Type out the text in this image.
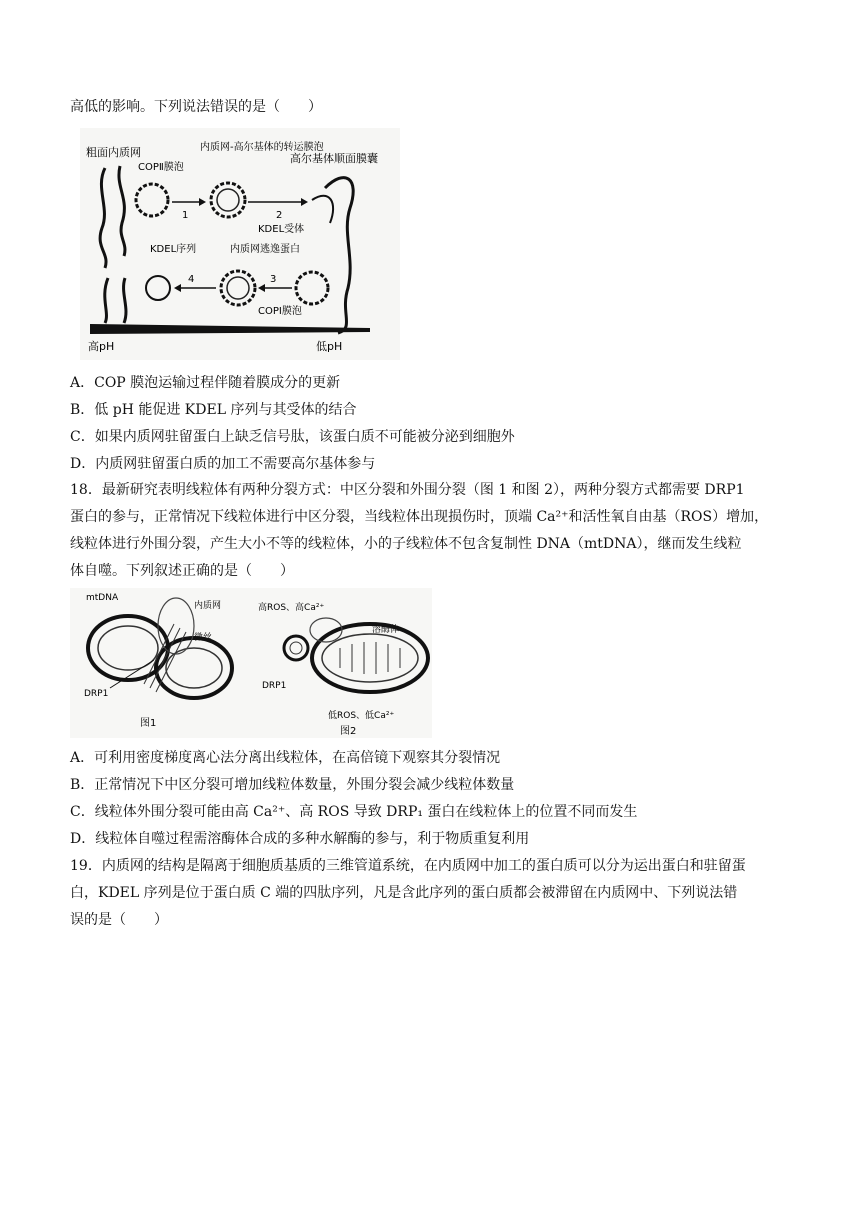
高低的影响。下列说法错误的是（　　）
粗面内质网	内质网-高尔基体的转运膜泡
高尔基体顺面膜囊
COPⅡ膜泡
KDEL受体
KDEL序列	内质网逃逸蛋白
COPⅠ膜泡
1	2
3
4
高pH	低pH
A．COP 膜泡运输过程伴随着膜成分的更新
B．低 pH 能促进 KDEL 序列与其受体的结合
C．如果内质网驻留蛋白上缺乏信号肽，该蛋白质不可能被分泌到细胞外
D．内质网驻留蛋白质的加工不需要高尔基体参与
18．最新研究表明线粒体有两种分裂方式：中区分裂和外围分裂（图 1 和图 2），两种分裂方式都需要 DRP1
蛋白的参与，正常情况下线粒体进行中区分裂，当线粒体出现损伤时，顶端 Ca²⁺和活性氧自由基（ROS）增加，
线粒体进行外围分裂，产生大小不等的线粒体，小的子线粒体不包含复制性 DNA（mtDNA），继而发生线粒
体自噬。下列叙述正确的是（　　）
mtDNA
内质网
微丝
DRP1
图1
高ROS、高Ca²⁺
溶酶体
DRP1
低ROS、低Ca²⁺
图2
A．可利用密度梯度离心法分离出线粒体，在高倍镜下观察其分裂情况
B．正常情况下中区分裂可增加线粒体数量，外围分裂会减少线粒体数量
C．线粒体外围分裂可能由高 Ca²⁺、高 ROS 导致 DRP₁ 蛋白在线粒体上的位置不同而发生
D．线粒体自噬过程需溶酶体合成的多种水解酶的参与，利于物质重复利用
19．内质网的结构是隔离于细胞质基质的三维管道系统，在内质网中加工的蛋白质可以分为运出蛋白和驻留蛋
白，KDEL 序列是位于蛋白质 C 端的四肽序列，凡是含此序列的蛋白质都会被滞留在内质网中、下列说法错
误的是（　　）
